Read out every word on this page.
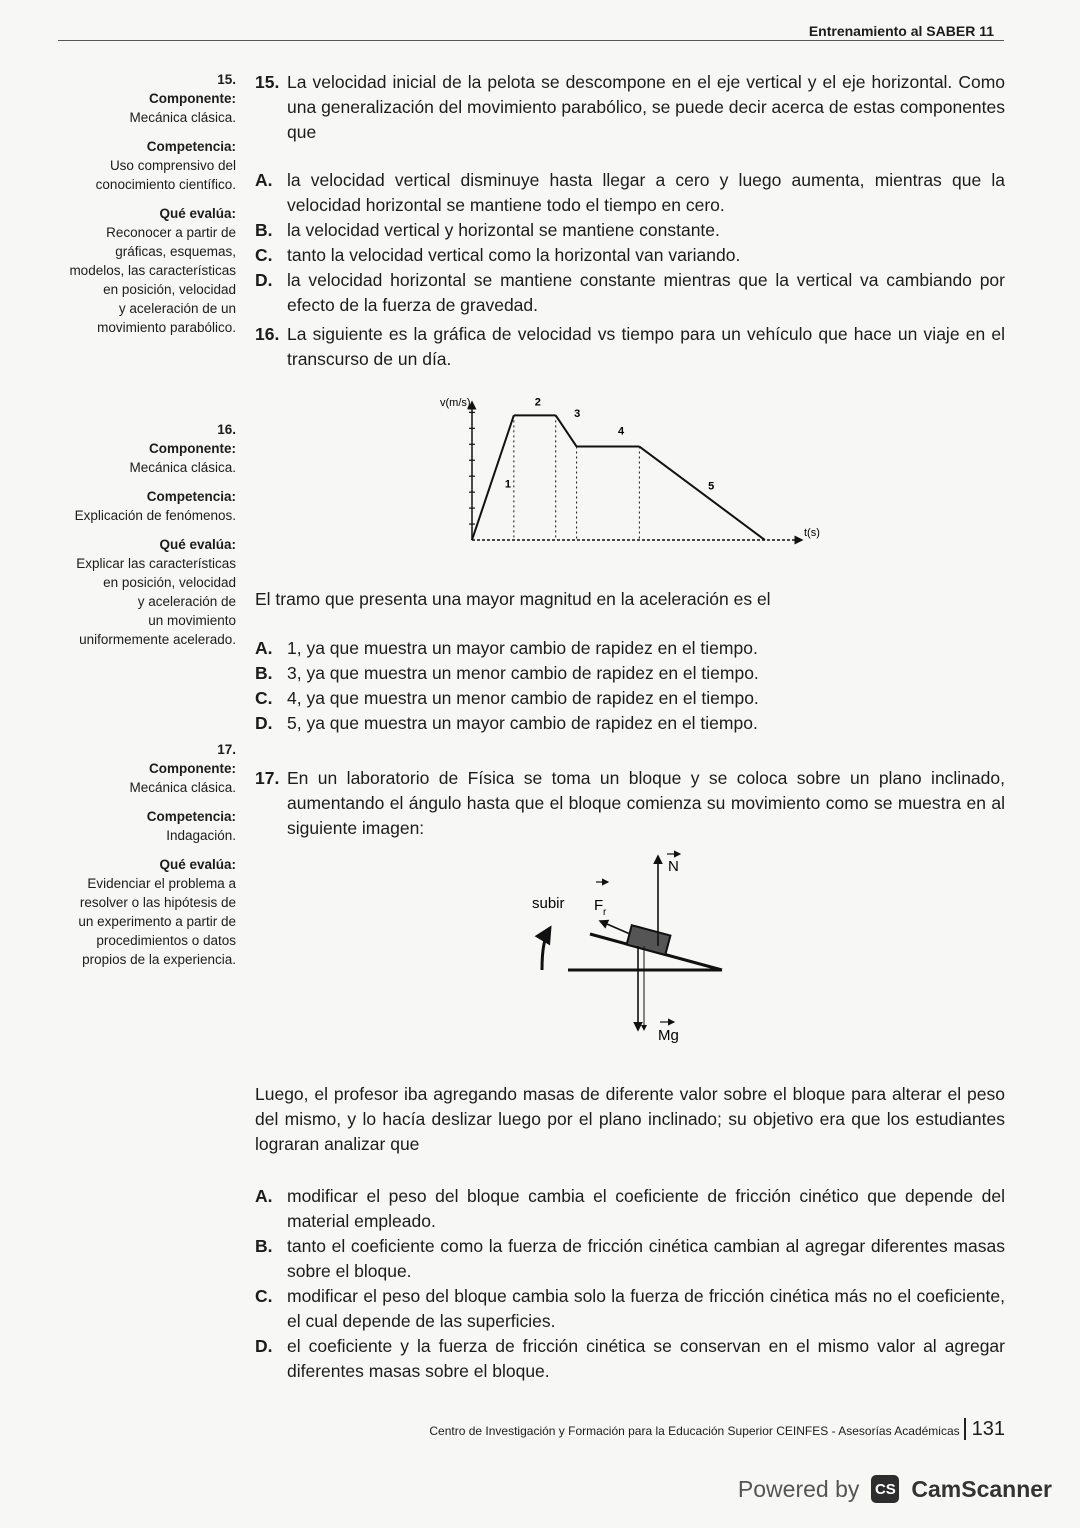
Entrenamiento al SABER 11
15.
Componente:
Mecánica clásica.
Competencia:
Uso comprensivo del
conocimiento científico.
Qué evalúa:
Reconocer a partir de
gráficas, esquemas,
modelos, las características
en posición, velocidad
y aceleración de un
movimiento parabólico.
16.
Componente:
Mecánica clásica.
Competencia:
Explicación de fenómenos.
Qué evalúa:
Explicar las características
en posición, velocidad
y aceleración de
un movimiento
uniformemente acelerado.
17.
Componente:
Mecánica clásica.
Competencia:
Indagación.
Qué evalúa:
Evidenciar el problema a
resolver o las hipótesis de
un experimento a partir de
procedimientos o datos
propios de la experiencia.
15. La velocidad inicial de la pelota se descompone en el eje vertical y el eje horizontal. Como una generalización del movimiento parabólico, se puede decir acerca de estas componentes que
A. la velocidad vertical disminuye hasta llegar a cero y luego aumenta, mientras que la velocidad horizontal se mantiene todo el tiempo en cero.
B. la velocidad vertical y horizontal se mantiene constante.
C. tanto la velocidad vertical como la horizontal van variando.
D. la velocidad horizontal se mantiene constante mientras que la vertical va cambiando por efecto de la fuerza de gravedad.
16. La siguiente es la gráfica de velocidad vs tiempo para un vehículo que hace un viaje en el transcurso de un día.
v(m/s)
t(s)
1
2
3
4
5
El tramo que presenta una mayor magnitud en la aceleración es el
A. 1, ya que muestra un mayor cambio de rapidez en el tiempo.
B. 3, ya que muestra un menor cambio de rapidez en el tiempo.
C. 4, ya que muestra un menor cambio de rapidez en el tiempo.
D. 5, ya que muestra un mayor cambio de rapidez en el tiempo.
17. En un laboratorio de Física se toma un bloque y se coloca sobre un plano inclinado, aumentando el ángulo hasta que el bloque comienza su movimiento como se muestra en al siguiente imagen:
N
F r
subir
Mg
Luego, el profesor iba agregando masas de diferente valor sobre el bloque para alterar el peso del mismo, y lo hacía deslizar luego por el plano inclinado; su objetivo era que los estudiantes lograran analizar que
A. modificar el peso del bloque cambia el coeficiente de fricción cinético que depende del material empleado.
B. tanto el coeficiente como la fuerza de fricción cinética cambian al agregar diferentes masas sobre el bloque.
C. modificar el peso del bloque cambia solo la fuerza de fricción cinética más no el coeficiente, el cual depende de las superficies.
D. el coeficiente y la fuerza de fricción cinética se conservan en el mismo valor al agregar diferentes masas sobre el bloque.
Centro de Investigación y Formación para la Educación Superior CEINFES - Asesorías Académicas 131
Powered by CS CamScanner
